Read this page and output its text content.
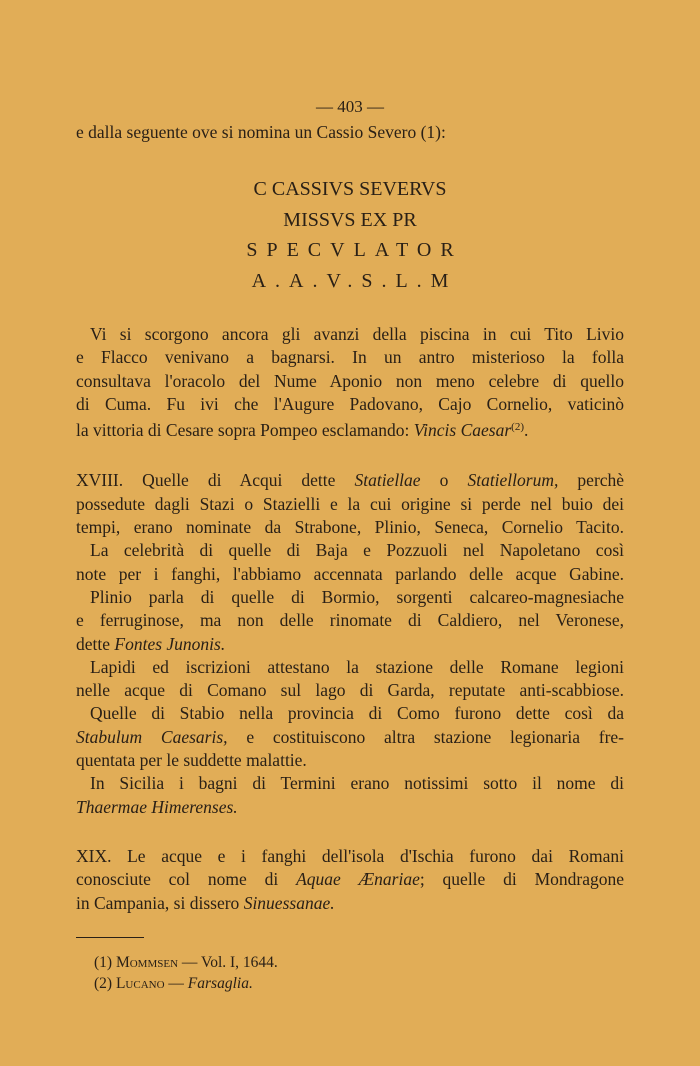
— 403 —

e dalla seguente ove si nomina un Cassio Severo (1):

C CASSIVS SEVERVS
MISSVS EX PR
SPECVLATOR
A.A.V.S.L.M

Vi si scorgono ancora gli avanzi della piscina in cui Tito Livio

e Flacco venivano a bagnarsi. In un antro misterioso la folla

consultava l'oracolo del Nume Aponio non meno celebre di quello

di Cuma. Fu ivi che l'Augure Padovano, Cajo Cornelio, vaticinò

la vittoria di Cesare sopra Pompeo esclamando: Vincis Caesar$^{(2)}$.

XVIII. Quelle di Acqui dette Statiellae o Statiellorum, perchè

possedute dagli Stazi o Stazielli e la cui origine si perde nel buio dei

tempi, erano nominate da Strabone, Plinio, Seneca, Cornelio Tacito.

La celebrità di quelle di Baja e Pozzuoli nel Napoletano così

note per i fanghi, l'abbiamo accennata parlando delle acque Gabine.

Plinio parla di quelle di Bormio, sorgenti calcareo-magnesiache

e ferruginose, ma non delle rinomate di Caldiero, nel Veronese,

dette Fontes Junonis.

Lapidi ed iscrizioni attestano la stazione delle Romane legioni

nelle acque di Comano sul lago di Garda, reputate anti-scabbiose.

Quelle di Stabio nella provincia di Como furono dette così da

Stabulum Caesaris, e costituiscono altra stazione legionaria fre-

quentata per le suddette malattie.

In Sicilia i bagni di Termini erano notissimi sotto il nome di

Thaermae Himerenses.

XIX. Le acque e i fanghi dell'isola d'Ischia furono dai Romani

conosciute col nome di Aquae Ænariae; quelle di Mondragone

in Campania, si dissero Sinuessanae.

(1) Mommsen — Vol. I, 1644.
(2) Lucano — Farsaglia.
